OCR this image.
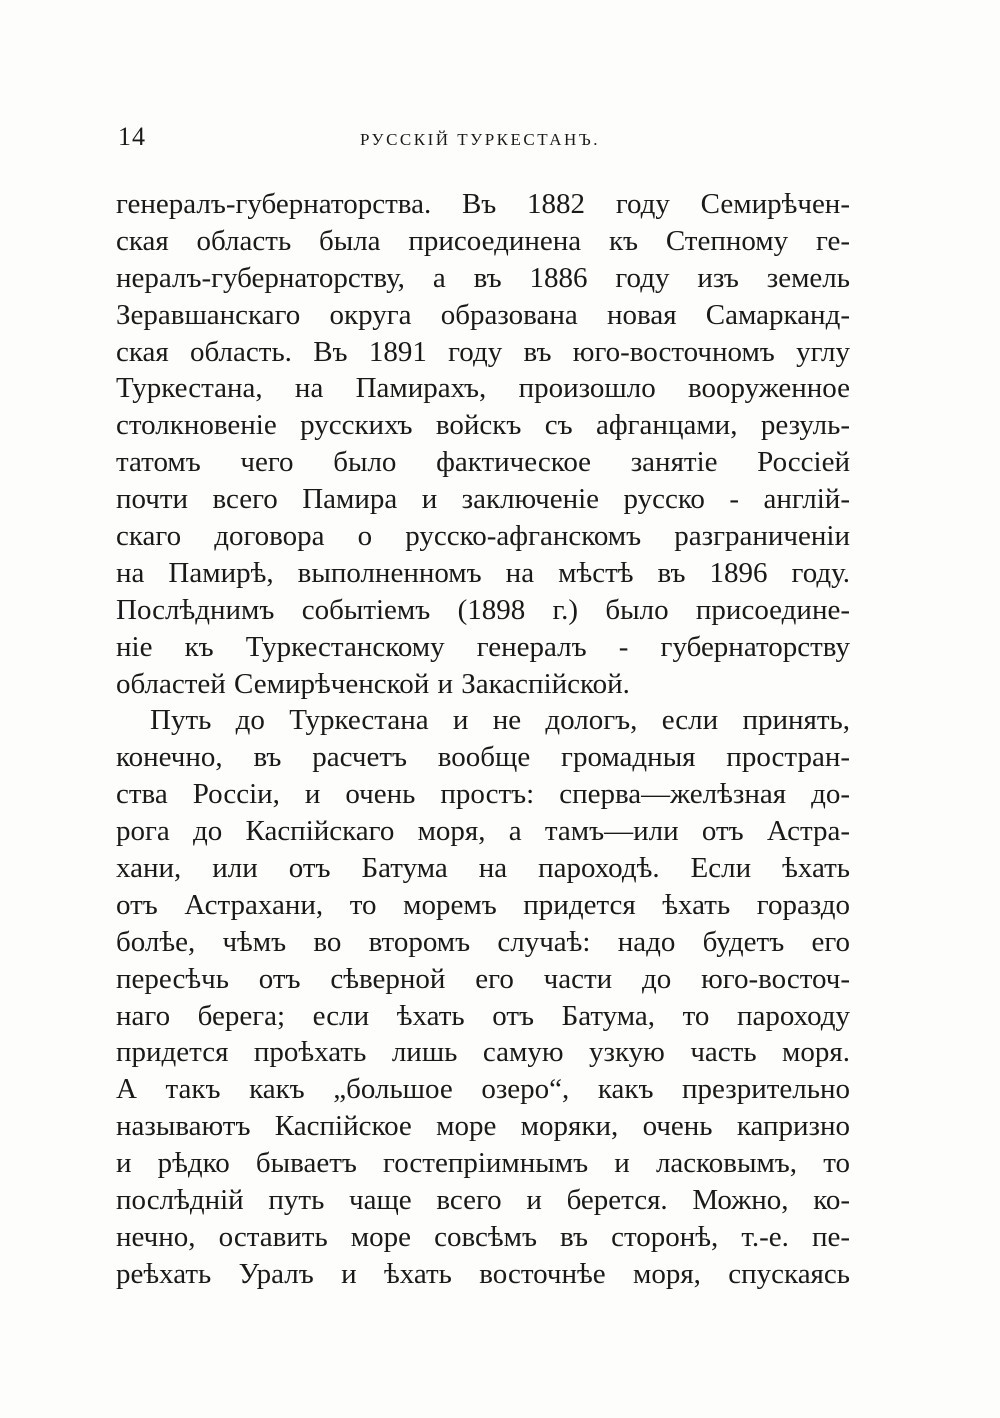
14	РУССКІЙ ТУРКЕСТАНЪ.
генералъ-губернаторства. Въ 1882 году Семирѣчен-
ская область была присоединена къ Степному ге-
нералъ-губернаторству, а въ 1886 году изъ земель
Зеравшанскаго округа образована новая Самарканд-
ская область. Въ 1891 году въ юго-восточномъ углу
Туркестана, на Памирахъ, произошло вооруженное
столкновеніе русскихъ войскъ съ афганцами, резуль-
татомъ чего было фактическое занятіе Россіей
почти всего Памира и заключеніе русско - англій-
скаго договора о русско-афганскомъ разграниченіи
на Памирѣ, выполненномъ на мѣстѣ въ 1896 году.
Послѣднимъ событіемъ (1898 г.) было присоедине-
ніе къ Туркестанскому генералъ - губернаторству
областей Семирѣченской и Закаспійской.
Путь до Туркестана и не дологъ, если принять,
конечно, въ расчетъ вообще громадныя простран-
ства Россіи, и очень простъ: сперва—желѣзная до-
рога до Каспійскаго моря, а тамъ—или отъ Астра-
хани, или отъ Батума на пароходѣ. Если ѣхать
отъ Астрахани, то моремъ придется ѣхать гораздо
болѣе, чѣмъ во второмъ случаѣ: надо будетъ его
пересѣчь отъ сѣверной его части до юго-восточ-
наго берега; если ѣхать отъ Батума, то пароходу
придется проѣхать лишь самую узкую часть моря.
А такъ какъ „большое озеро“, какъ презрительно
называютъ Каспійское море моряки, очень капризно
и рѣдко бываетъ гостепріимнымъ и ласковымъ, то
послѣдній путь чаще всего и берется. Можно, ко-
нечно, оставить море совсѣмъ въ сторонѣ, т.-е. пе-
реѣхать Уралъ и ѣхать восточнѣе моря, спускаясь
